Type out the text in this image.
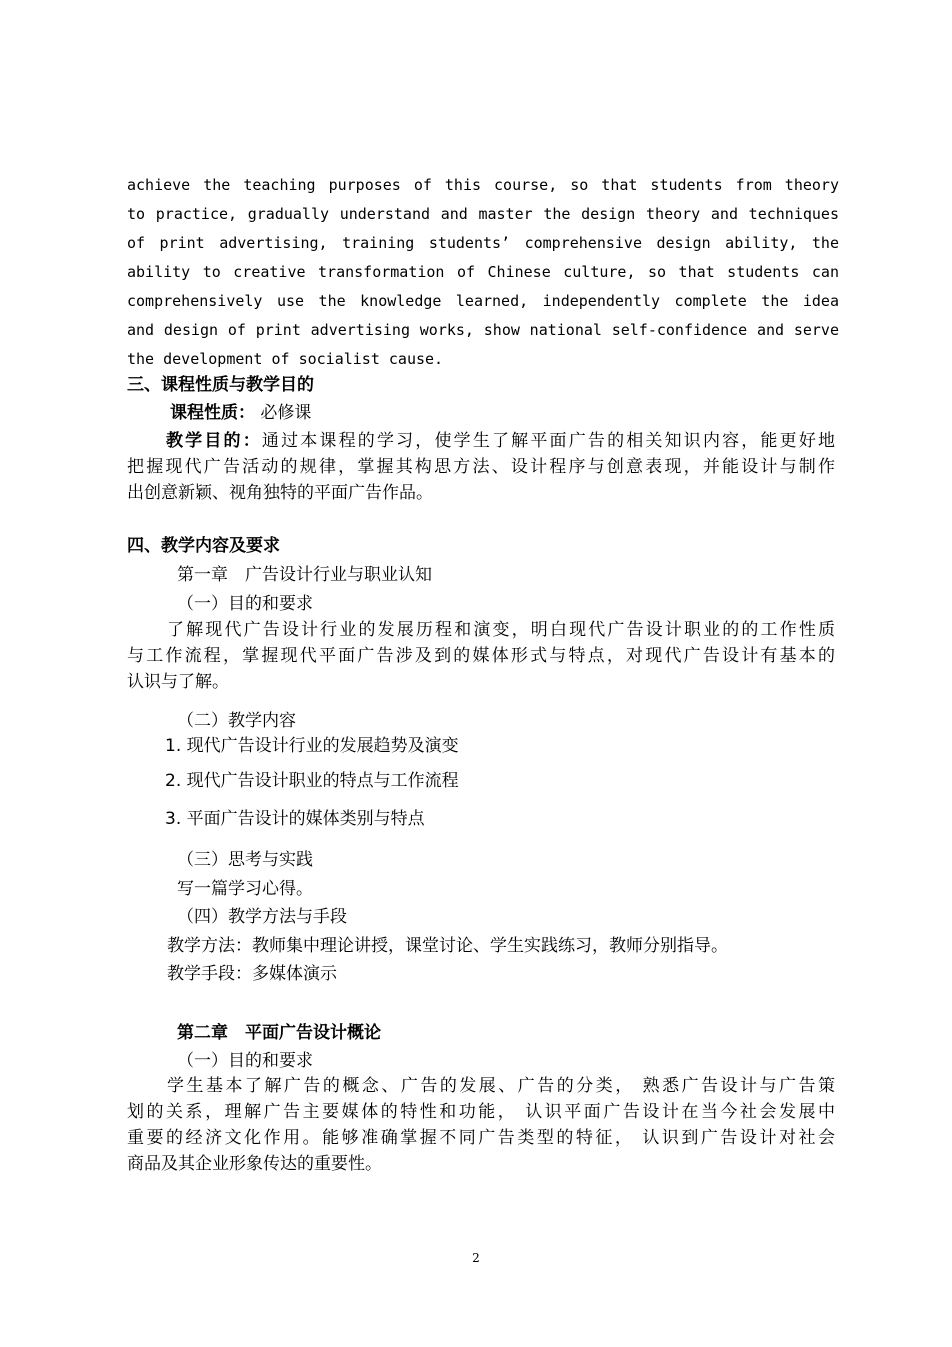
achieve the teaching purposes of this course, so that students from theory
to practice, gradually understand and master the design theory and techniques
of print advertising, training students’ comprehensive design ability, the
ability to creative transformation of Chinese culture, so that students can
comprehensively use the knowledge learned, independently complete the idea
and design of print advertising works, show national self-confidence and serve
the development of socialist cause.
三、课程性质与教学目的
课程性质： 必修课
教学目的：通过本课程的学习，使学生了解平面广告的相关知识内容，能更好地
把握现代广告活动的规律，掌握其构思方法、设计程序与创意表现，并能设计与制作
出创意新颖、视角独特的平面广告作品。
四、教学内容及要求
第一章　广告设计行业与职业认知
（一）目的和要求
了解现代广告设计行业的发展历程和演变，明白现代广告设计职业的的工作性质
与工作流程，掌握现代平面广告涉及到的媒体形式与特点，对现代广告设计有基本的
认识与了解。
（二）教学内容
1. 现代广告设计行业的发展趋势及演变
2. 现代广告设计职业的特点与工作流程
3. 平面广告设计的媒体类别与特点
（三）思考与实践
写一篇学习心得。
（四）教学方法与手段
教学方法：教师集中理论讲授，课堂讨论、学生实践练习，教师分别指导。
教学手段：多媒体演示
第二章　平面广告设计概论
（一）目的和要求
学生基本了解广告的概念、广告的发展、广告的分类， 熟悉广告设计与广告策
划的关系，理解广告主要媒体的特性和功能， 认识平面广告设计在当今社会发展中
重要的经济文化作用。能够准确掌握不同广告类型的特征， 认识到广告设计对社会
商品及其企业形象传达的重要性。
2
